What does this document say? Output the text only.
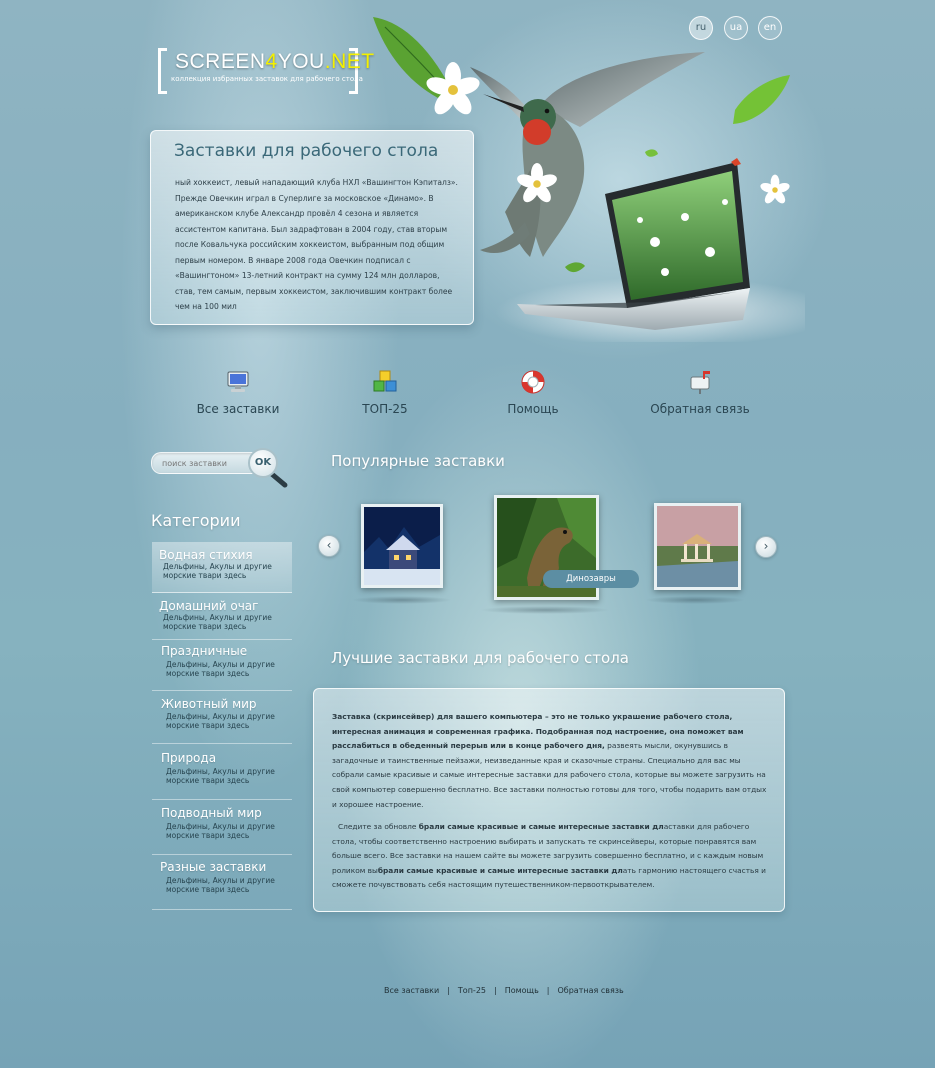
ru	ua	en
SCREEN4YOU.NET
коллекция избранных заставок для рабочего стола
Заставки для рабочего стола

ный хоккеист, левый нападающий клуба НХЛ «Вашингтон Кэпиталз». Прежде Овечкин играл в Суперлиге за московское «Динамо». В американском клубе Александр провёл 4 сезона и является ассистентом капитана. Был задрафтован в 2004 году, став вторым после Ковальчука российским хоккеистом, выбранным под общим первым номером. В январе 2008 года Овечкин подписал с «Вашингтоном» 13-летний контракт на сумму 124 млн долларов, став, тем самым, первым хоккеистом, заключившим контракт более чем на 100 мил

Все заставки	ТОП-25	Помощь	Обратная связь
поиск заставки
OK
Категории
Водная стихия
Дельфины, Акулы и другие морские твари здесь
Домашний очаг
Дельфины, Акулы и другие морские твари здесь
Праздничные
Дельфины, Акулы и другие морские твари здесь
Животный мир
Дельфины, Акулы и другие морские твари здесь
Природа
Дельфины, Акулы и другие морские твари здесь
Подводный мир
Дельфины, Акулы и другие морские твари здесь
Разные заставки
Дельфины, Акулы и другие морские твари здесь
Популярные заставки
‹	›
Динозавры
Лучшие заставки для рабочего стола

Заставка (скринсейвер) для вашего компьютера – это не только украшение рабочего стола, интересная анимация и современная графика. Подобранная под настроение, она поможет вам расслабиться в обеденный перерыв или в конце рабочего дня, развеять мысли, окунувшись в загадочные и таинственные пейзажи, неизведанные края и сказочные страны. Специально для вас мы собрали самые красивые и самые интересные заставки для рабочего стола, которые вы можете загрузить на свой компьютер совершенно бесплатно. Все заставки полностью готовы для того, чтобы подарить вам отдых и хорошее настроение.

Следите за обновле брали самые красивые и самые интересные заставки дластавки для рабочего стола, чтобы соответственно настроению выбирать и запускать те скринсейверы, которые понравятся вам больше всего. Все заставки на нашем сайте вы можете загрузить совершенно бесплатно, и с каждым новым роликом выбрали самые красивые и самые интересные заставки длать гармонию настоящего счастья и сможете почувствовать себя настоящим путешественником-первооткрывателем.

Все заставки | Топ-25 | Помощь | Обратная связь
